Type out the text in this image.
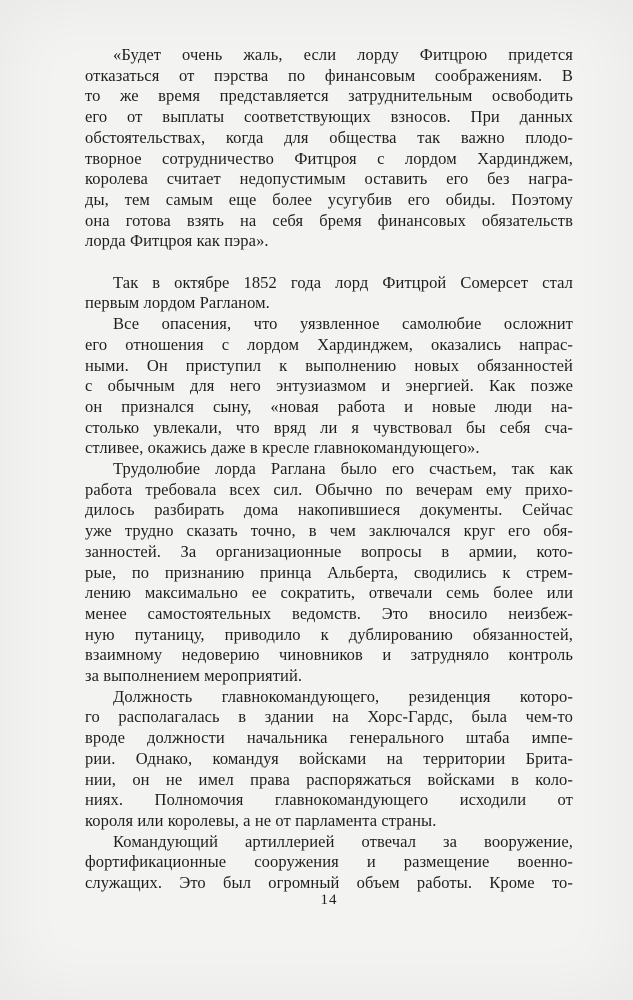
«Будет очень жаль, если лорду Фитцрою придется
отказаться от пэрства по финансовым соображениям. В
то же время представляется затруднительным освободить
его от выплаты соответствующих взносов. При данных
обстоятельствах, когда для общества так важно плодо-
творное сотрудничество Фитцроя с лордом Хардинджем,
королева считает недопустимым оставить его без награ-
ды, тем самым еще более усугубив его обиды. Поэтому
она готова взять на себя бремя финансовых обязательств
лорда Фитцроя как пэра».
Так в октябре 1852 года лорд Фитцрой Сомерсет стал
первым лордом Рагланом.
Все опасения, что уязвленное самолюбие осложнит
его отношения с лордом Хардинджем, оказались напрас-
ными. Он приступил к выполнению новых обязанностей
с обычным для него энтузиазмом и энергией. Как позже
он признался сыну, «новая работа и новые люди на-
столько увлекали, что вряд ли я чувствовал бы себя сча-
стливее, окажись даже в кресле главнокомандующего».
Трудолюбие лорда Раглана было его счастьем, так как
работа требовала всех сил. Обычно по вечерам ему прихо-
дилось разбирать дома накопившиеся документы. Сейчас
уже трудно сказать точно, в чем заключался круг его обя-
занностей. За организационные вопросы в армии, кото-
рые, по признанию принца Альберта, сводились к стрем-
лению максимально ее сократить, отвечали семь более или
менее самостоятельных ведомств. Это вносило неизбеж-
ную путаницу, приводило к дублированию обязанностей,
взаимному недоверию чиновников и затрудняло контроль
за выполнением мероприятий.
Должность главнокомандующего, резиденция которо-
го располагалась в здании на Хорс-Гардс, была чем-то
вроде должности начальника генерального штаба импе-
рии. Однако, командуя войсками на территории Брита-
нии, он не имел права распоряжаться войсками в коло-
ниях. Полномочия главнокомандующего исходили от
короля или королевы, а не от парламента страны.
Командующий артиллерией отвечал за вооружение,
фортификационные сооружения и размещение военно-
служащих. Это был огромный объем работы. Кроме то-
14
